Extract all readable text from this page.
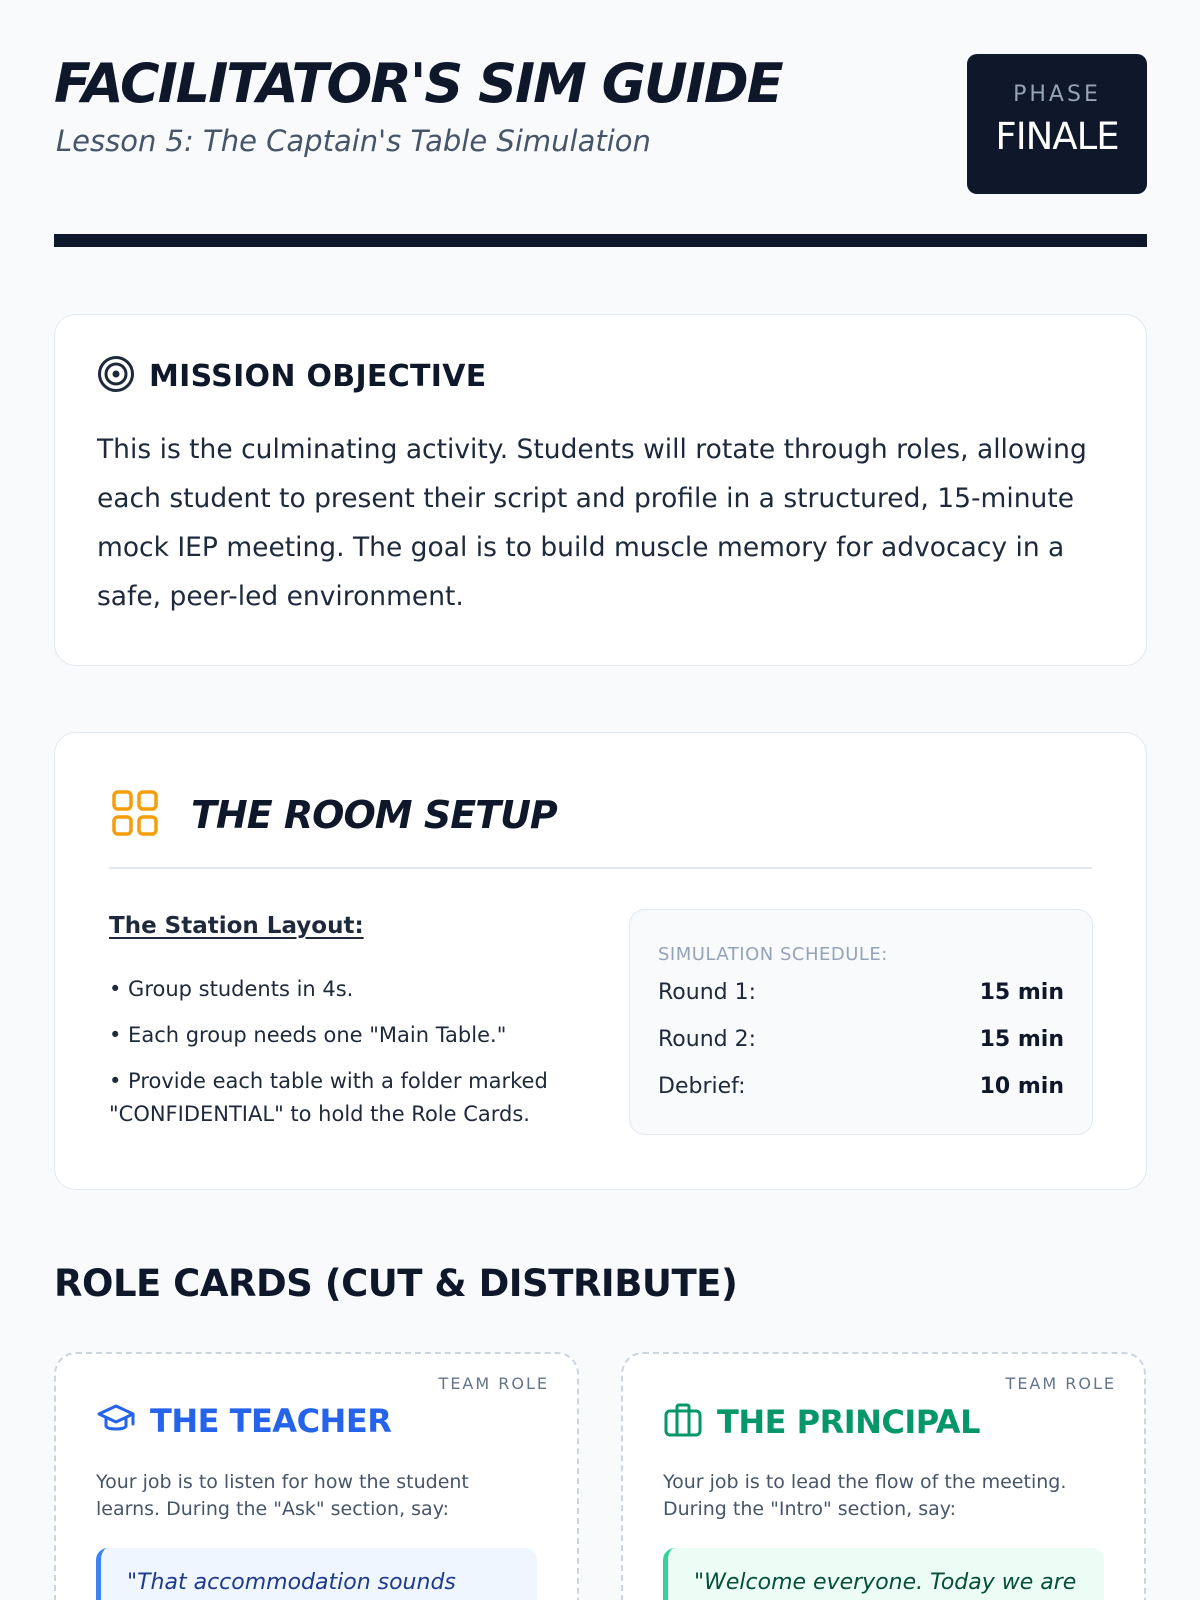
FACILITATOR'S SIM GUIDE
Lesson 5: The Captain's Table Simulation
PHASE
FINALE
MISSION OBJECTIVE

This is the culminating activity. Students will rotate through roles, allowing each student to present their script and profile in a structured, 15-minute mock IEP meeting. The goal is to build muscle memory for advocacy in a safe, peer-led environment.

THE ROOM SETUP
The Station Layout:
• Group students in 4s.
• Each group needs one "Main Table."
• Provide each table with a folder marked "CONFIDENTIAL" to hold the Role Cards.
SIMULATION SCHEDULE:
Round 1:	15 min
Round 2:	15 min
Debrief:	10 min
ROLE CARDS (CUT & DISTRIBUTE)
TEAM ROLE
THE TEACHER

Your job is to listen for how the student learns. During the "Ask" section, say:

"That accommodation sounds
TEAM ROLE
THE PRINCIPAL

Your job is to lead the flow of the meeting. During the "Intro" section, say:

"Welcome everyone. Today we are
